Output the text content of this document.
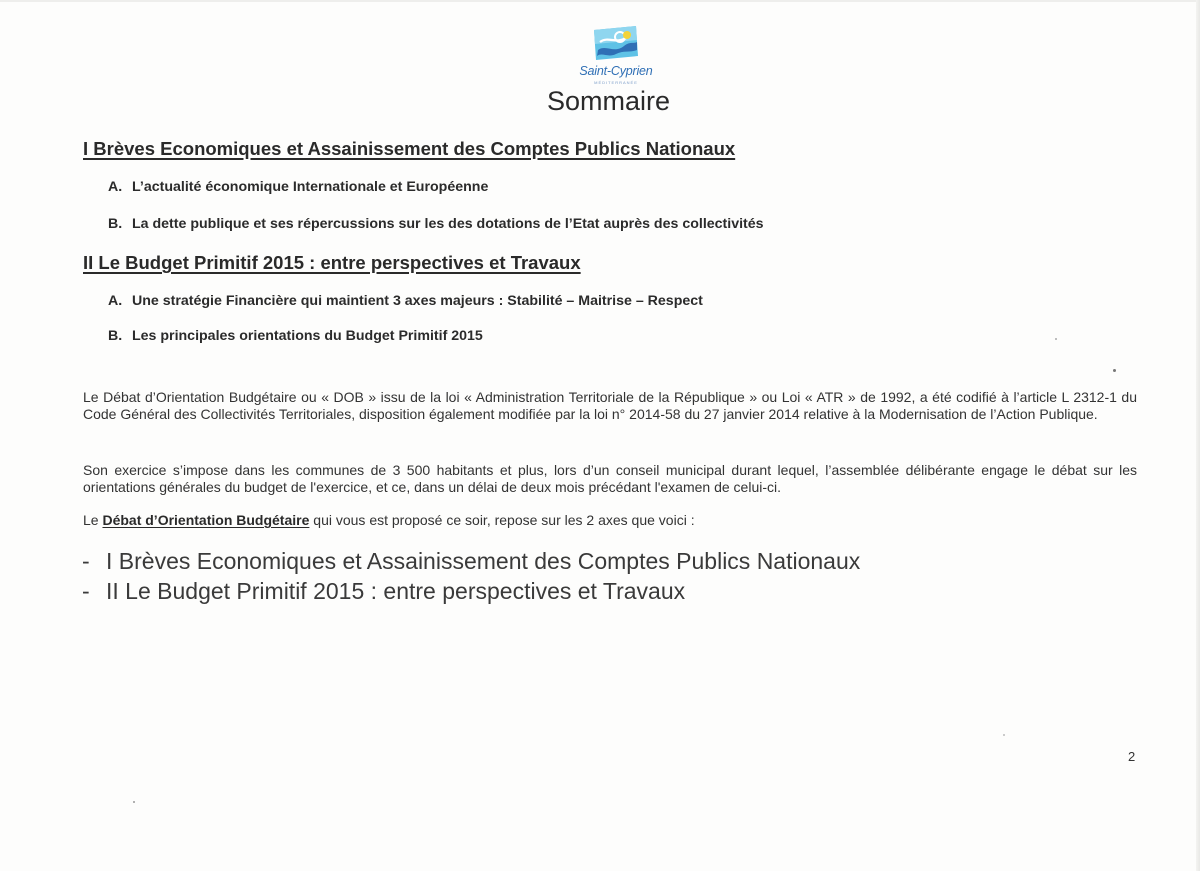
Saint-Cyprien
MÉDITERRANÉE
Sommaire
I Brèves Economiques et Assainissement des Comptes Publics Nationaux
A. L’actualité économique Internationale et Européenne
B. La dette publique et ses répercussions sur les des dotations de l’Etat auprès des collectivités
II Le Budget Primitif 2015 : entre perspectives et Travaux
A. Une stratégie Financière qui maintient 3 axes majeurs : Stabilité – Maitrise – Respect
B. Les principales orientations du Budget Primitif 2015
Le Débat d’Orientation Budgétaire ou « DOB » issu de la loi « Administration Territoriale de la République » ou Loi « ATR » de 1992, a été codifié à l’article L 2312-1 du Code Général des Collectivités Territoriales, disposition également modifiée par la loi n° 2014-58 du 27 janvier 2014 relative à la Modernisation de l’Action Publique.
Son exercice s’impose dans les communes de 3 500 habitants et plus, lors d’un conseil municipal durant lequel, l’assemblée délibérante engage le débat sur les orientations générales du budget de l'exercice, et ce, dans un délai de deux mois précédant l'examen de celui-ci.
Le Débat d’Orientation Budgétaire qui vous est proposé ce soir, repose sur les 2 axes que voici :
- I Brèves Economiques et Assainissement des Comptes Publics Nationaux
- II Le Budget Primitif 2015 : entre perspectives et Travaux
2
